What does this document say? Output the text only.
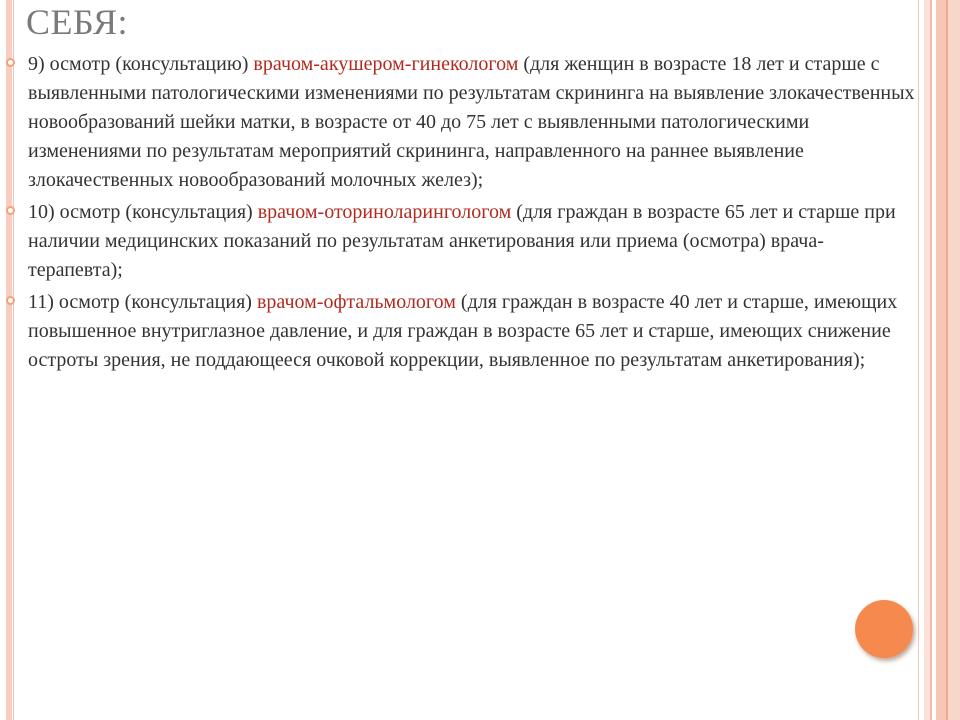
СЕБЯ:
9) осмотр (консультацию) врачом-акушером-гинекологом (для женщин в возрасте 18 лет и старше с выявленными патологическими изменениями по результатам скрининга на выявление злокачественных новообразований шейки матки, в возрасте от 40 до 75 лет с выявленными патологическими изменениями по результатам мероприятий скрининга, направленного на раннее выявление злокачественных новообразований молочных желез);
10) осмотр (консультация) врачом-оториноларингологом (для граждан в возрасте 65 лет и старше при наличии медицинских показаний по результатам анкетирования или приема (осмотра) врача-терапевта);
11) осмотр (консультация) врачом-офтальмологом (для граждан в возрасте 40 лет и старше, имеющих повышенное внутриглазное давление, и для граждан в возрасте 65 лет и старше, имеющих снижение остроты зрения, не поддающееся очковой коррекции, выявленное по результатам анкетирования);
